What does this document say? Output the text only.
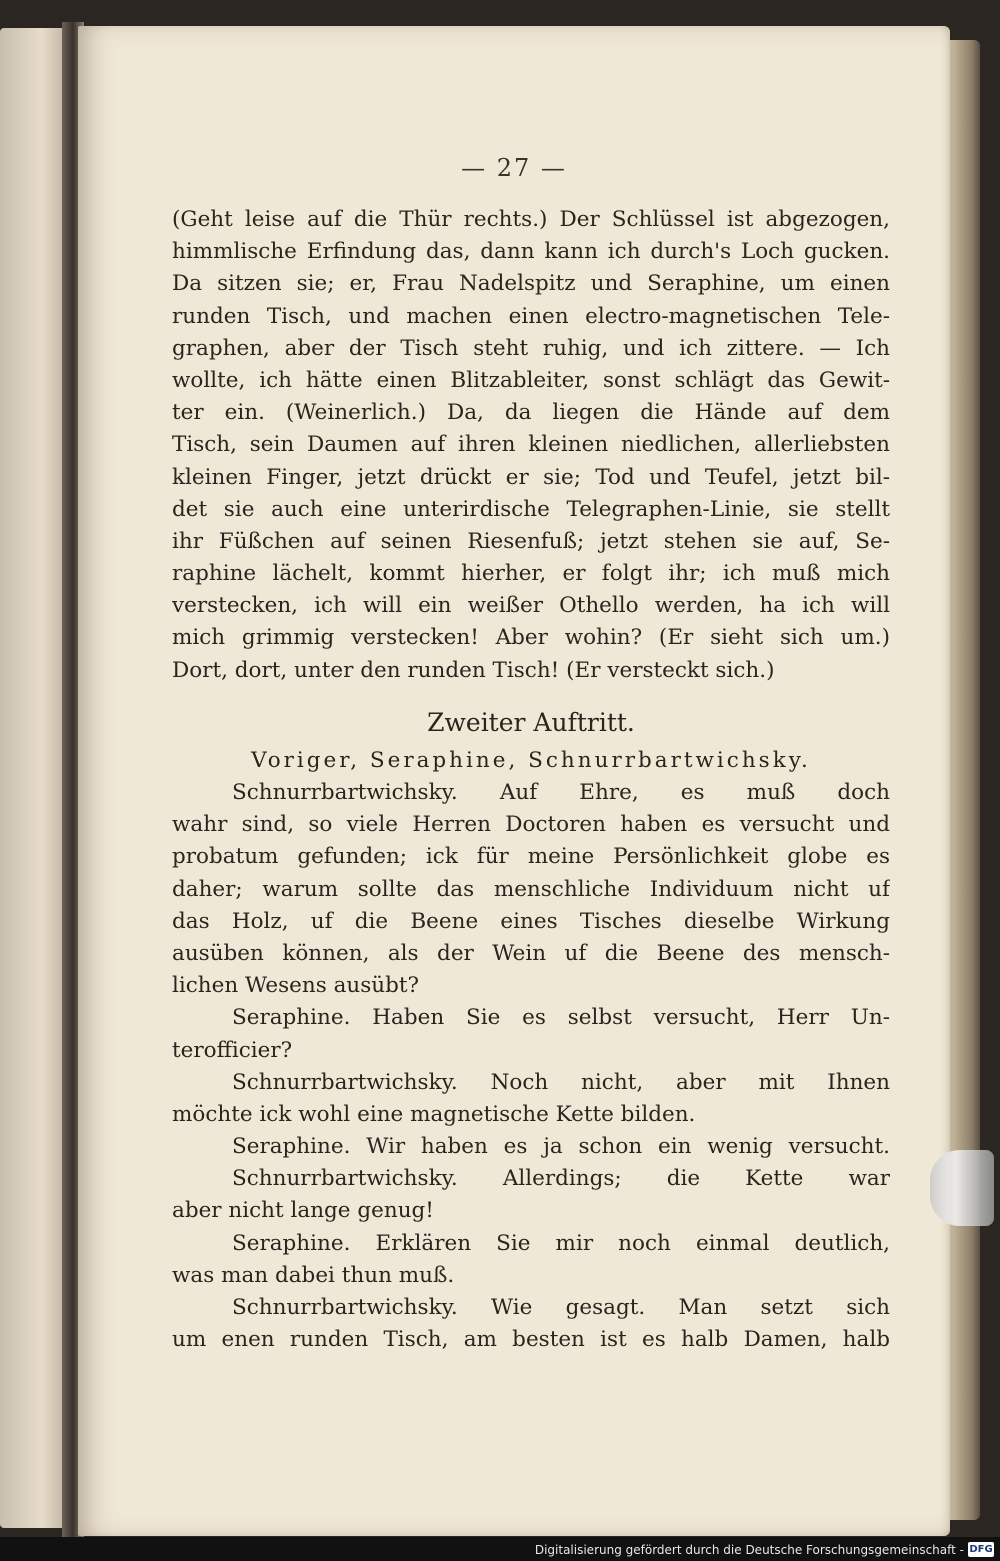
— 27 —
(Geht leise auf die Thür rechts.) Der Schlüssel ist abgezogen,
himmlische Erfindung das, dann kann ich durch's Loch gucken.
Da sitzen sie; er, Frau Nadelspitz und Seraphine, um einen
runden Tisch, und machen einen electro-magnetischen Tele-
graphen, aber der Tisch steht ruhig, und ich zittere. — Ich
wollte, ich hätte einen Blitzableiter, sonst schlägt das Gewit-
ter ein. (Weinerlich.) Da, da liegen die Hände auf dem
Tisch, sein Daumen auf ihren kleinen niedlichen, allerliebsten
kleinen Finger, jetzt drückt er sie; Tod und Teufel, jetzt bil-
det sie auch eine unterirdische Telegraphen-Linie, sie stellt
ihr Füßchen auf seinen Riesenfuß; jetzt stehen sie auf, Se-
raphine lächelt, kommt hierher, er folgt ihr; ich muß mich
verstecken, ich will ein weißer Othello werden, ha ich will
mich grimmig verstecken! Aber wohin? (Er sieht sich um.)
Dort, dort, unter den runden Tisch! (Er versteckt sich.)
Zweiter Auftritt.
Voriger, Seraphine, Schnurrbartwichsky.
Schnurrbartwichsky. Auf Ehre, es muß doch
wahr sind, so viele Herren Doctoren haben es versucht und
probatum gefunden; ick für meine Persönlichkeit globe es
daher; warum sollte das menschliche Individuum nicht uf
das Holz, uf die Beene eines Tisches dieselbe Wirkung
ausüben können, als der Wein uf die Beene des mensch-
lichen Wesens ausübt?
Seraphine. Haben Sie es selbst versucht, Herr Un-
terofficier?
Schnurrbartwichsky. Noch nicht, aber mit Ihnen
möchte ick wohl eine magnetische Kette bilden.
Seraphine. Wir haben es ja schon ein wenig versucht.
Schnurrbartwichsky. Allerdings; die Kette war
aber nicht lange genug!
Seraphine. Erklären Sie mir noch einmal deutlich,
was man dabei thun muß.
Schnurrbartwichsky. Wie gesagt. Man setzt sich
um enen runden Tisch, am besten ist es halb Damen, halb
Digitalisierung gefördert durch die Deutsche Forschungsgemeinschaft - DFG
